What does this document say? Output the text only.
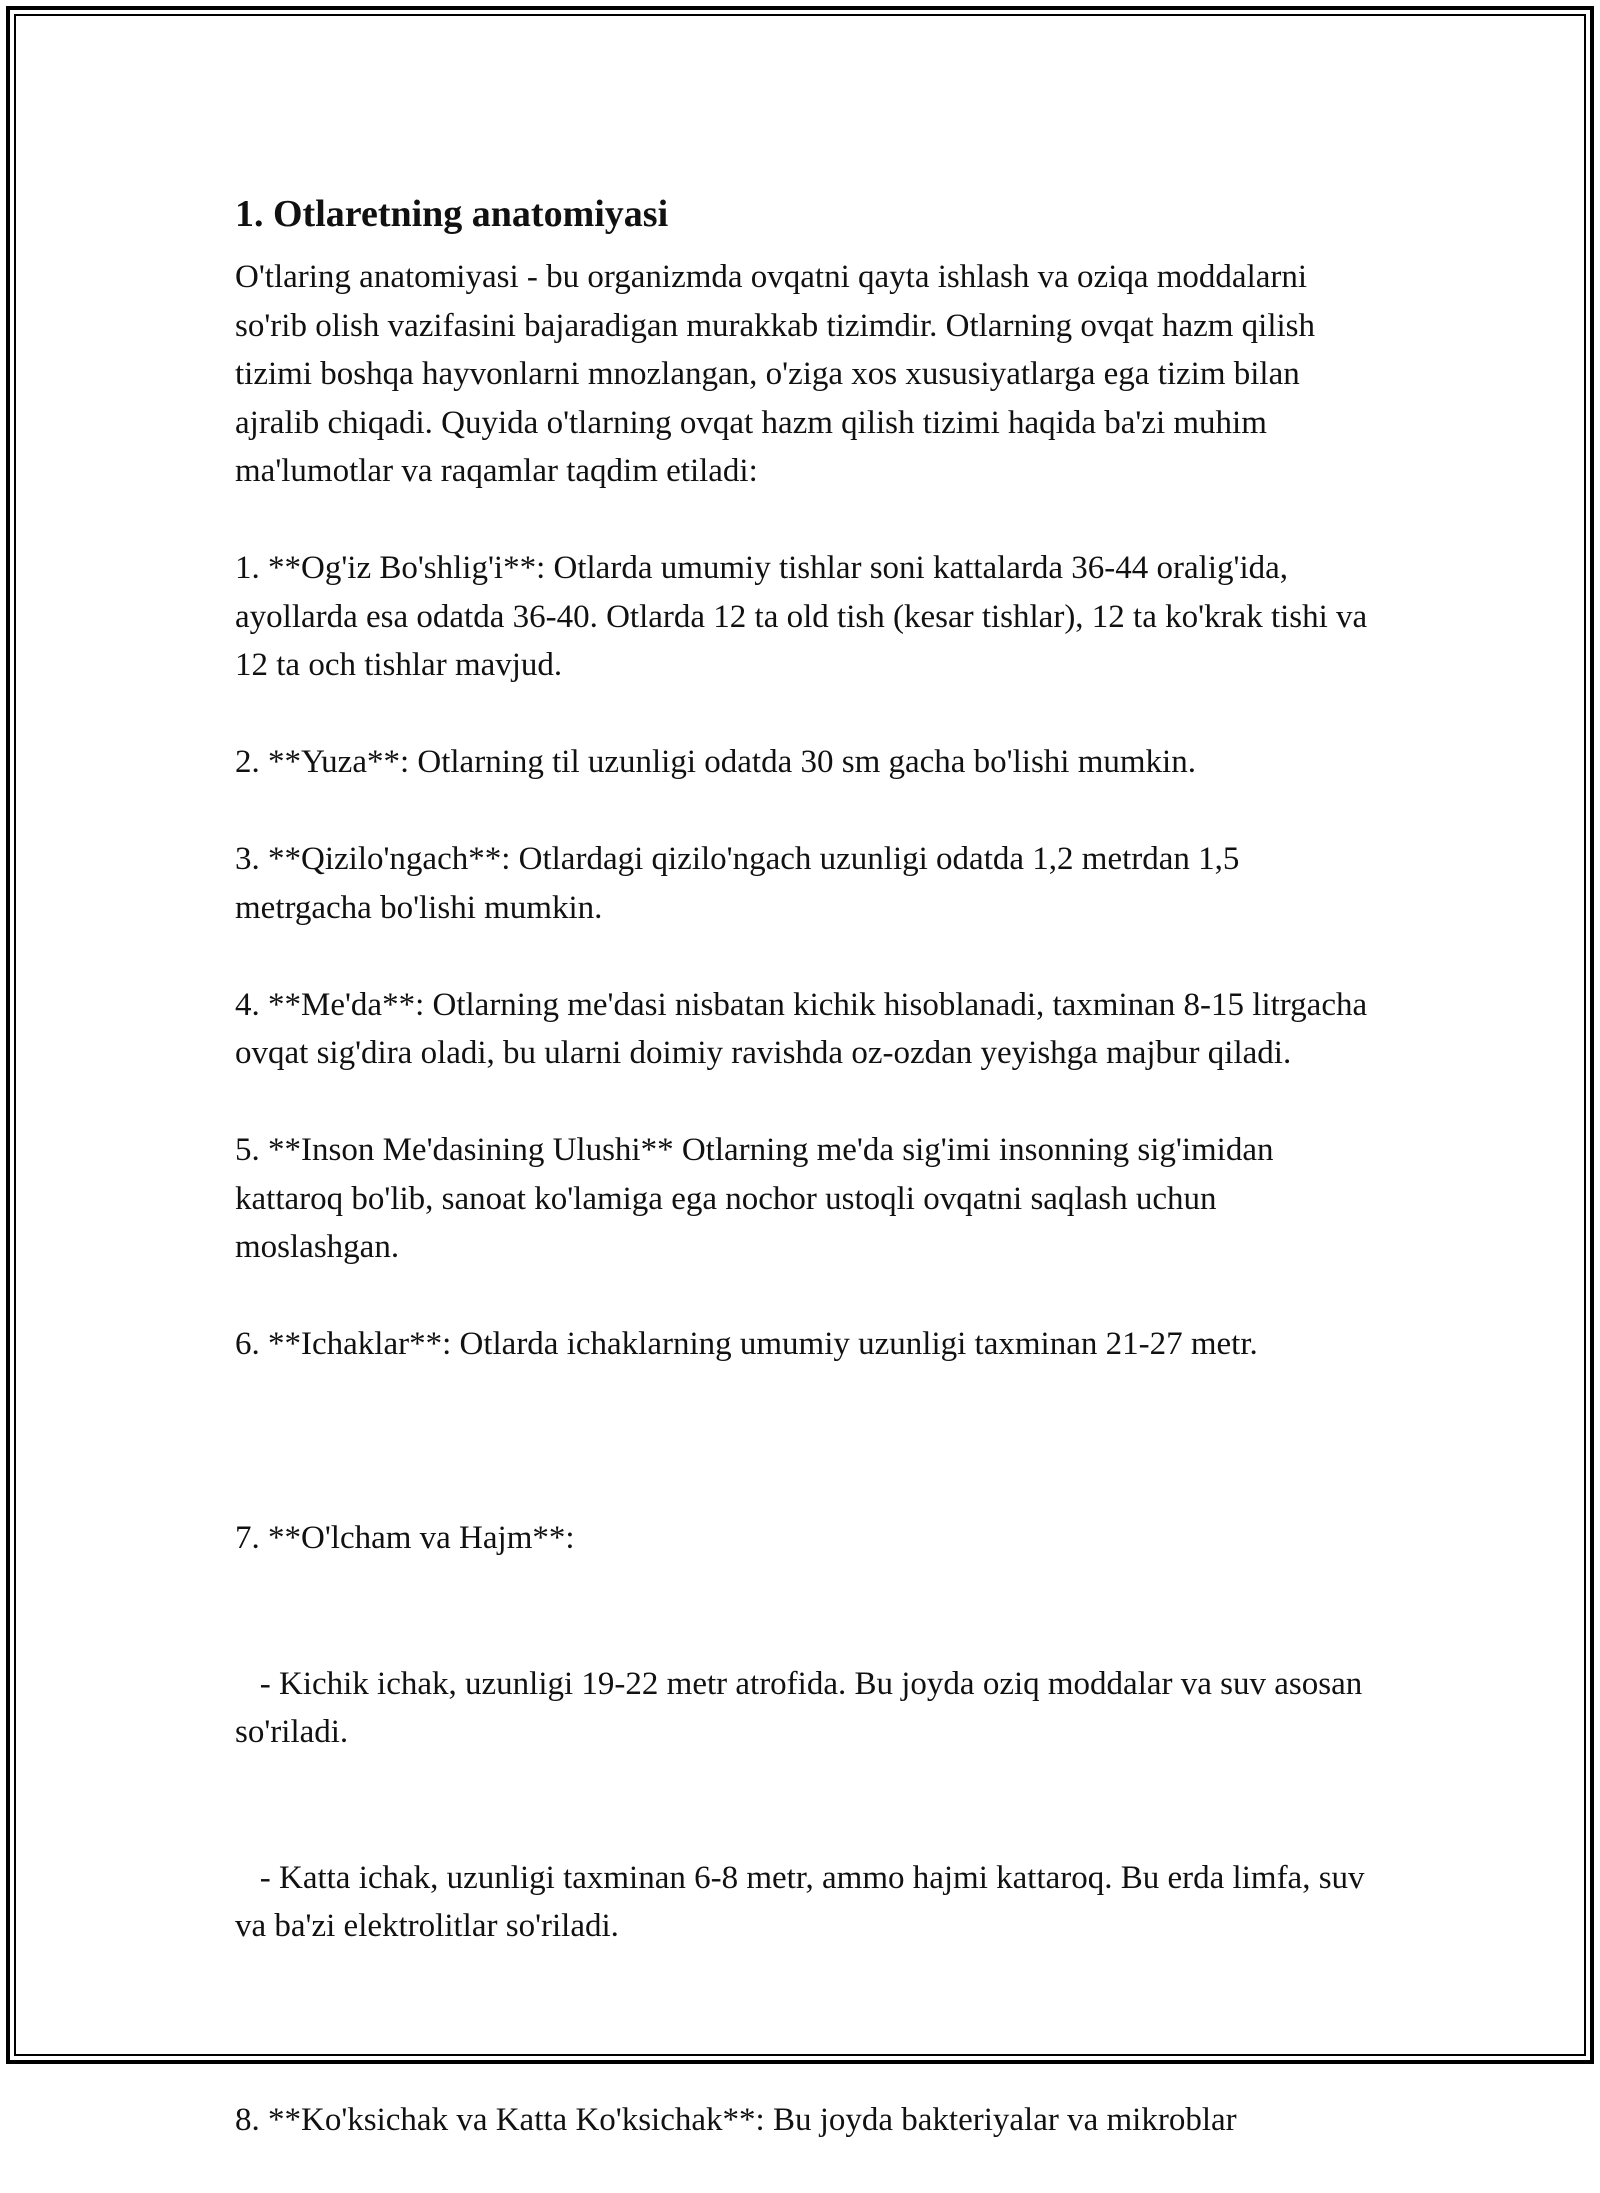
1. Otlaretning anatomiyasi

O'tlaring anatomiyasi - bu organizmda ovqatni qayta ishlash va oziqa moddalarni so'rib olish vazifasini bajaradigan murakkab tizimdir. Otlarning ovqat hazm qilish tizimi boshqa hayvonlarni mnozlangan, o'ziga xos xususiyatlarga ega tizim bilan ajralib chiqadi. Quyida o'tlarning ovqat hazm qilish tizimi haqida ba'zi muhim ma'lumotlar va raqamlar taqdim etiladi:

1. **Og'iz Bo'shlig'i**: Otlarda umumiy tishlar soni kattalarda 36-44 oralig'ida, ayollarda esa odatda 36-40. Otlarda 12 ta old tish (kesar tishlar), 12 ta ko'krak tishi va 12 ta och tishlar mavjud.

2. **Yuza**: Otlarning til uzunligi odatda 30 sm gacha bo'lishi mumkin.

3. **Qizilo'ngach**: Otlardagi qizilo'ngach uzunligi odatda 1,2 metrdan 1,5 metrgacha bo'lishi mumkin.

4. **Me'da**: Otlarning me'dasi nisbatan kichik hisoblanadi, taxminan 8-15 litrgacha ovqat sig'dira oladi, bu ularni doimiy ravishda oz-ozdan yeyishga majbur qiladi.

5. **Inson Me'dasining Ulushi** Otlarning me'da sig'imi insonning sig'imidan kattaroq bo'lib, sanoat ko'lamiga ega nochor ustoqli ovqatni saqlash uchun moslashgan.

6. **Ichaklar**: Otlarda ichaklarning umumiy uzunligi taxminan 21-27 metr.

7. **O'lcham va Hajm**:

- Kichik ichak, uzunligi 19-22 metr atrofida. Bu joyda oziq moddalar va suv asosan so'riladi.

- Katta ichak, uzunligi taxminan 6-8 metr, ammo hajmi kattaroq. Bu erda limfa, suv va ba'zi elektrolitlar so'riladi.

8. **Ko'ksichak va Katta Ko'ksichak**: Bu joyda bakteriyalar va mikroblar
